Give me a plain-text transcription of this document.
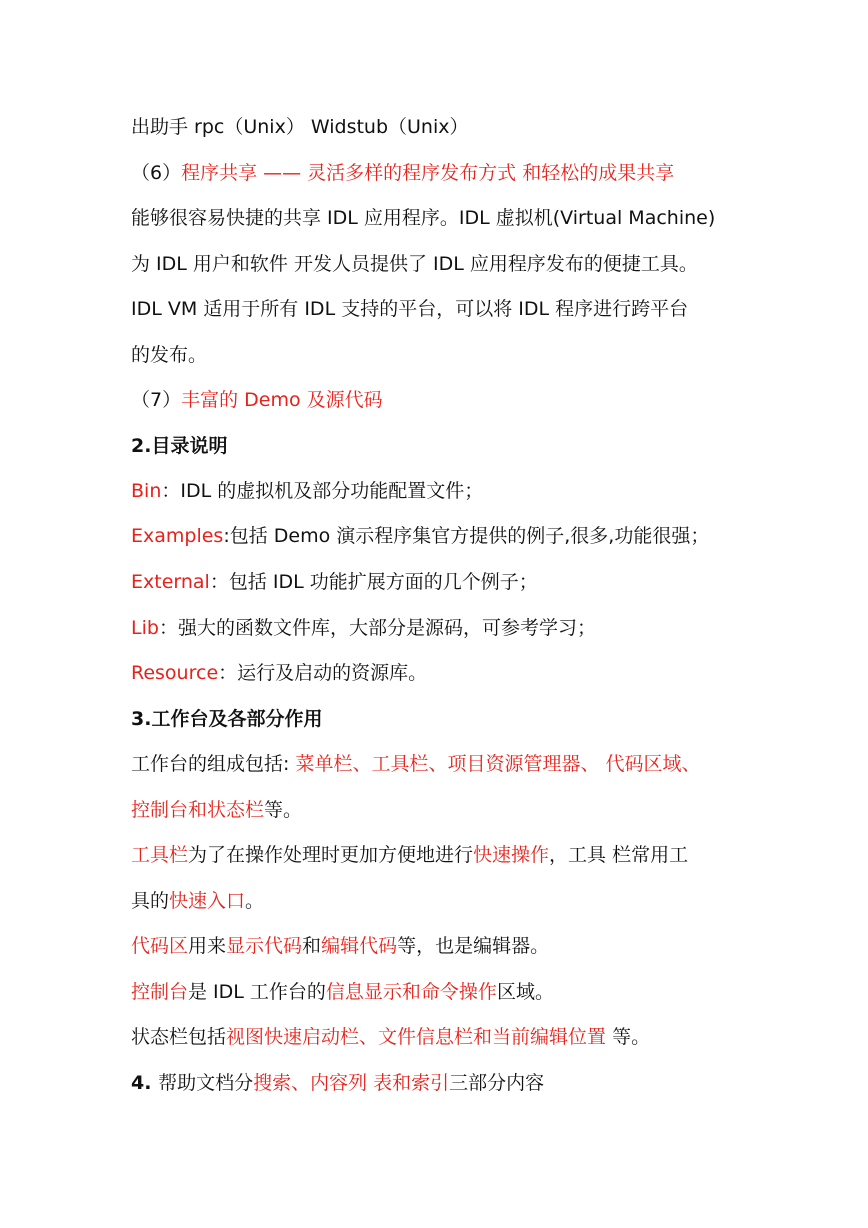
出助手 rpc（Unix） Widstub（Unix）

（6）程序共享 —— 灵活多样的程序发布方式 和轻松的成果共享

能够很容易快捷的共享 IDL 应用程序。IDL 虚拟机(Virtual Machine)

为 IDL 用户和软件 开发人员提供了 IDL 应用程序发布的便捷工具。

IDL VM 适用于所有 IDL 支持的平台，可以将 IDL 程序进行跨平台

的发布。

（7）丰富的 Demo 及源代码

2.目录说明

Bin：IDL 的虚拟机及部分功能配置文件；

Examples:包括 Demo 演示程序集官方提供的例子,很多,功能很强；

External：包括 IDL 功能扩展方面的几个例子；

Lib：强大的函数文件库，大部分是源码，可参考学习；

Resource：运行及启动的资源库。

3.工作台及各部分作用

工作台的组成包括: 菜单栏、工具栏、项目资源管理器、 代码区域、

控制台和状态栏等。

工具栏为了在操作处理时更加方便地进行快速操作，工具 栏常用工

具的快速入口。

代码区用来显示代码和编辑代码等，也是编辑器。

控制台是 IDL 工作台的信息显示和命令操作区域。

状态栏包括视图快速启动栏、文件信息栏和当前编辑位置 等。

4. 帮助文档分搜索、内容列 表和索引三部分内容
